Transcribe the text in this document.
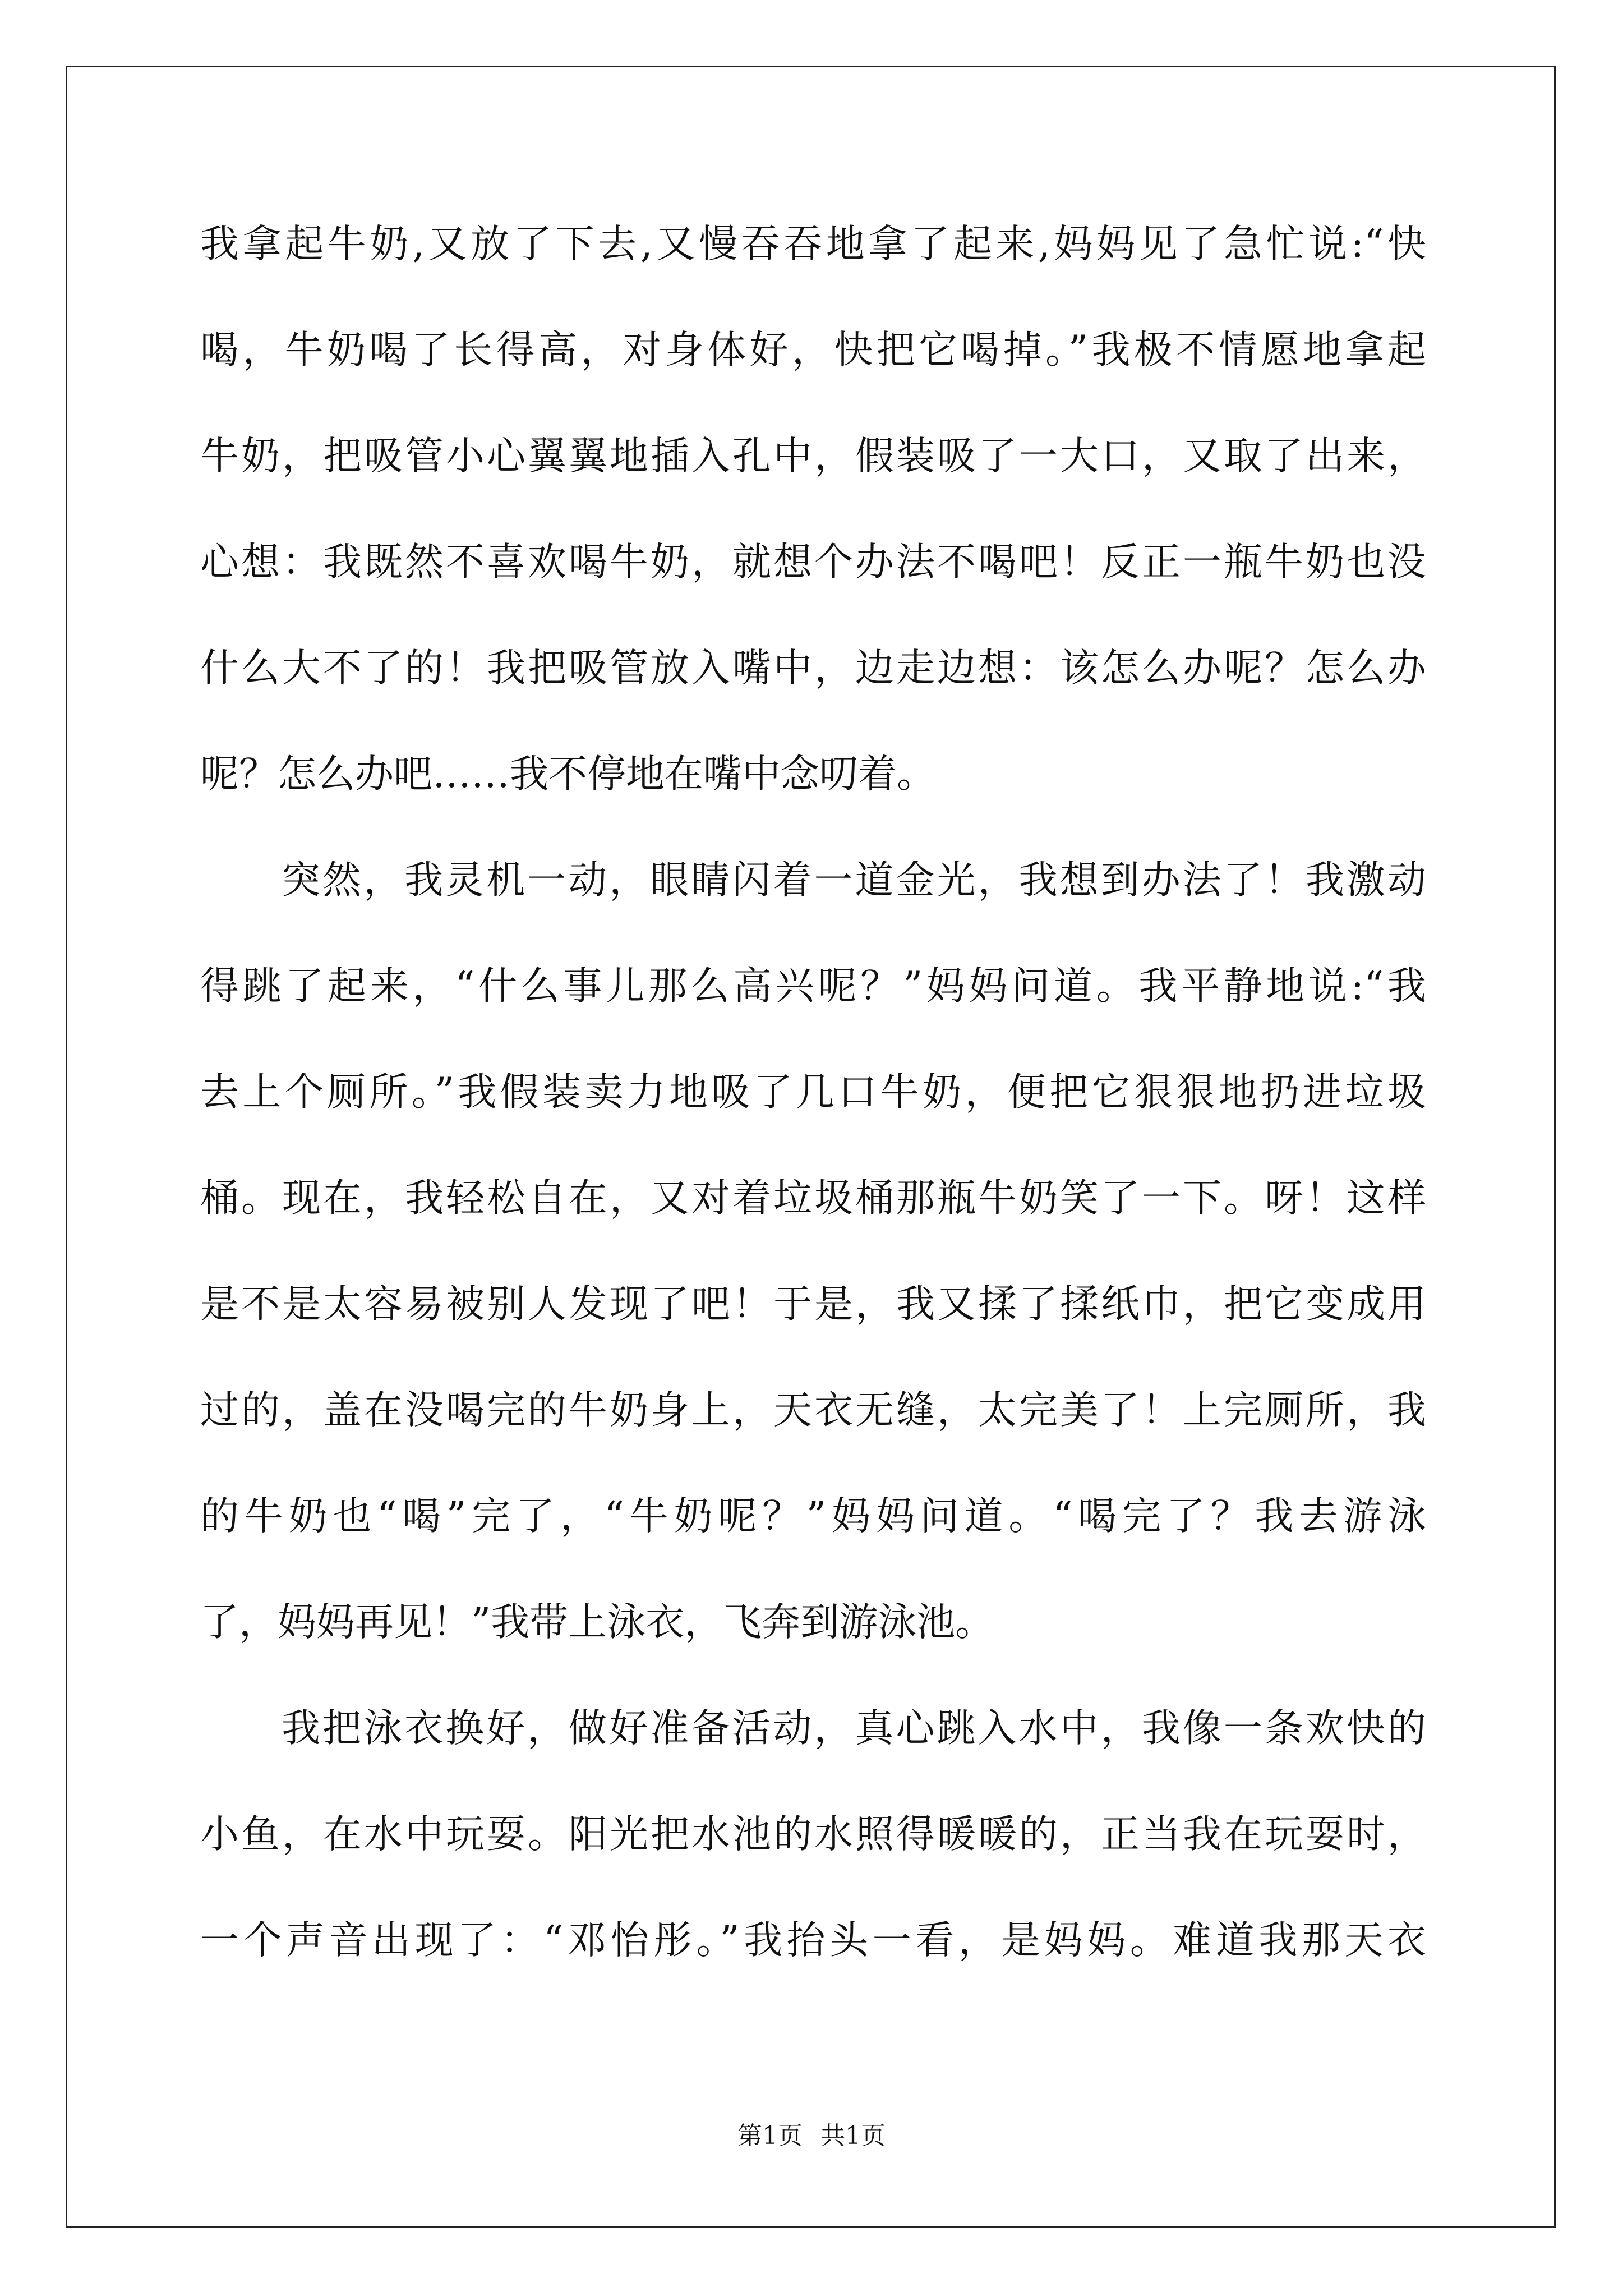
我拿起牛奶,又放了下去,又慢吞吞地拿了起来,妈妈见了急忙说:“快
喝，牛奶喝了长得高，对身体好，快把它喝掉。”我极不情愿地拿起
牛奶，把吸管小心翼翼地插入孔中，假装吸了一大口，又取了出来，
心想：我既然不喜欢喝牛奶，就想个办法不喝吧！反正一瓶牛奶也没
什么大不了的！我把吸管放入嘴中，边走边想：该怎么办呢？怎么办
呢？怎么办吧……我不停地在嘴中念叨着。
突然，我灵机一动，眼睛闪着一道金光，我想到办法了！我激动
得跳了起来，“什么事儿那么高兴呢？”妈妈问道。我平静地说:“我
去上个厕所。”我假装卖力地吸了几口牛奶，便把它狠狠地扔进垃圾
桶。现在，我轻松自在，又对着垃圾桶那瓶牛奶笑了一下。呀！这样
是不是太容易被别人发现了吧！于是，我又揉了揉纸巾，把它变成用
过的，盖在没喝完的牛奶身上，天衣无缝，太完美了！上完厕所，我
的牛奶也“喝”完了，“牛奶呢？”妈妈问道。“喝完了？我去游泳
了，妈妈再见！”我带上泳衣，飞奔到游泳池。
我把泳衣换好，做好准备活动，真心跳入水中，我像一条欢快的
小鱼，在水中玩耍。阳光把水池的水照得暖暖的，正当我在玩耍时，
一个声音出现了：“邓怡彤。”我抬头一看，是妈妈。难道我那天衣
第1页 共1页
